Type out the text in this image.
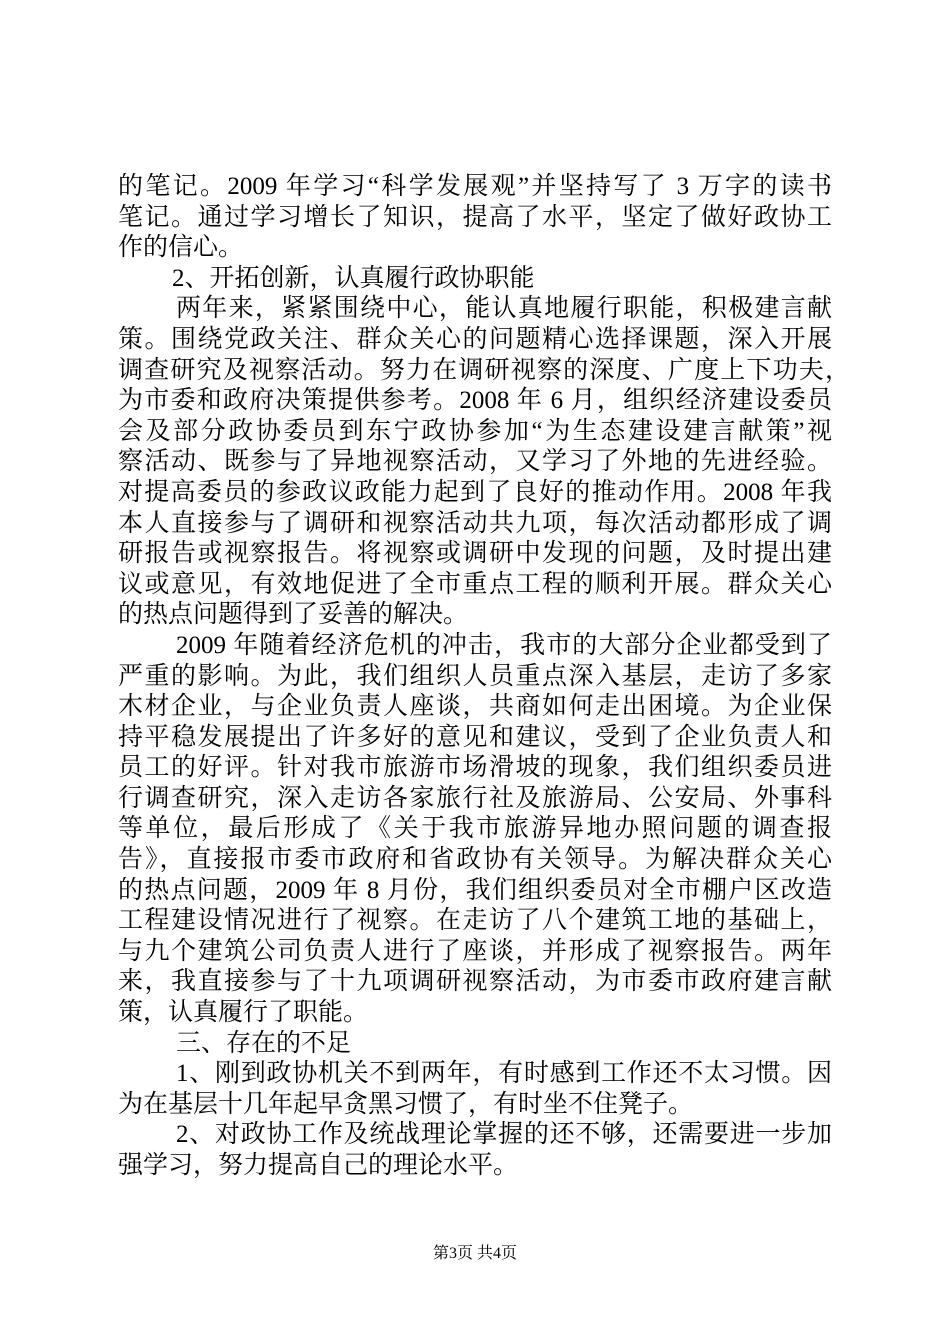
的笔记。2009 年学习“科学发展观”并坚持写了 3 万字的读书
笔记。通过学习增长了知识，提高了水平，坚定了做好政协工
作的信心。
2、开拓创新，认真履行政协职能
两年来，紧紧围绕中心，能认真地履行职能，积极建言献
策。围绕党政关注、群众关心的问题精心选择课题，深入开展
调查研究及视察活动。努力在调研视察的深度、广度上下功夫，
为市委和政府决策提供参考。2008 年 6 月，组织经济建设委员
会及部分政协委员到东宁政协参加“为生态建设建言献策”视
察活动、既参与了异地视察活动，又学习了外地的先进经验。
对提高委员的参政议政能力起到了良好的推动作用。2008 年我
本人直接参与了调研和视察活动共九项，每次活动都形成了调
研报告或视察报告。将视察或调研中发现的问题，及时提出建
议或意见，有效地促进了全市重点工程的顺利开展。群众关心
的热点问题得到了妥善的解决。
2009 年随着经济危机的冲击，我市的大部分企业都受到了
严重的影响。为此，我们组织人员重点深入基层，走访了多家
木材企业，与企业负责人座谈，共商如何走出困境。为企业保
持平稳发展提出了许多好的意见和建议，受到了企业负责人和
员工的好评。针对我市旅游市场滑坡的现象，我们组织委员进
行调查研究，深入走访各家旅行社及旅游局、公安局、外事科
等单位，最后形成了《关于我市旅游异地办照问题的调查报
告》，直接报市委市政府和省政协有关领导。为解决群众关心
的热点问题，2009 年 8 月份，我们组织委员对全市棚户区改造
工程建设情况进行了视察。在走访了八个建筑工地的基础上，
与九个建筑公司负责人进行了座谈，并形成了视察报告。两年
来，我直接参与了十九项调研视察活动，为市委市政府建言献
策，认真履行了职能。
三、存在的不足
1、刚到政协机关不到两年，有时感到工作还不太习惯。因
为在基层十几年起早贪黑习惯了，有时坐不住凳子。
2、对政协工作及统战理论掌握的还不够，还需要进一步加
强学习，努力提高自己的理论水平。
第3页 共4页
